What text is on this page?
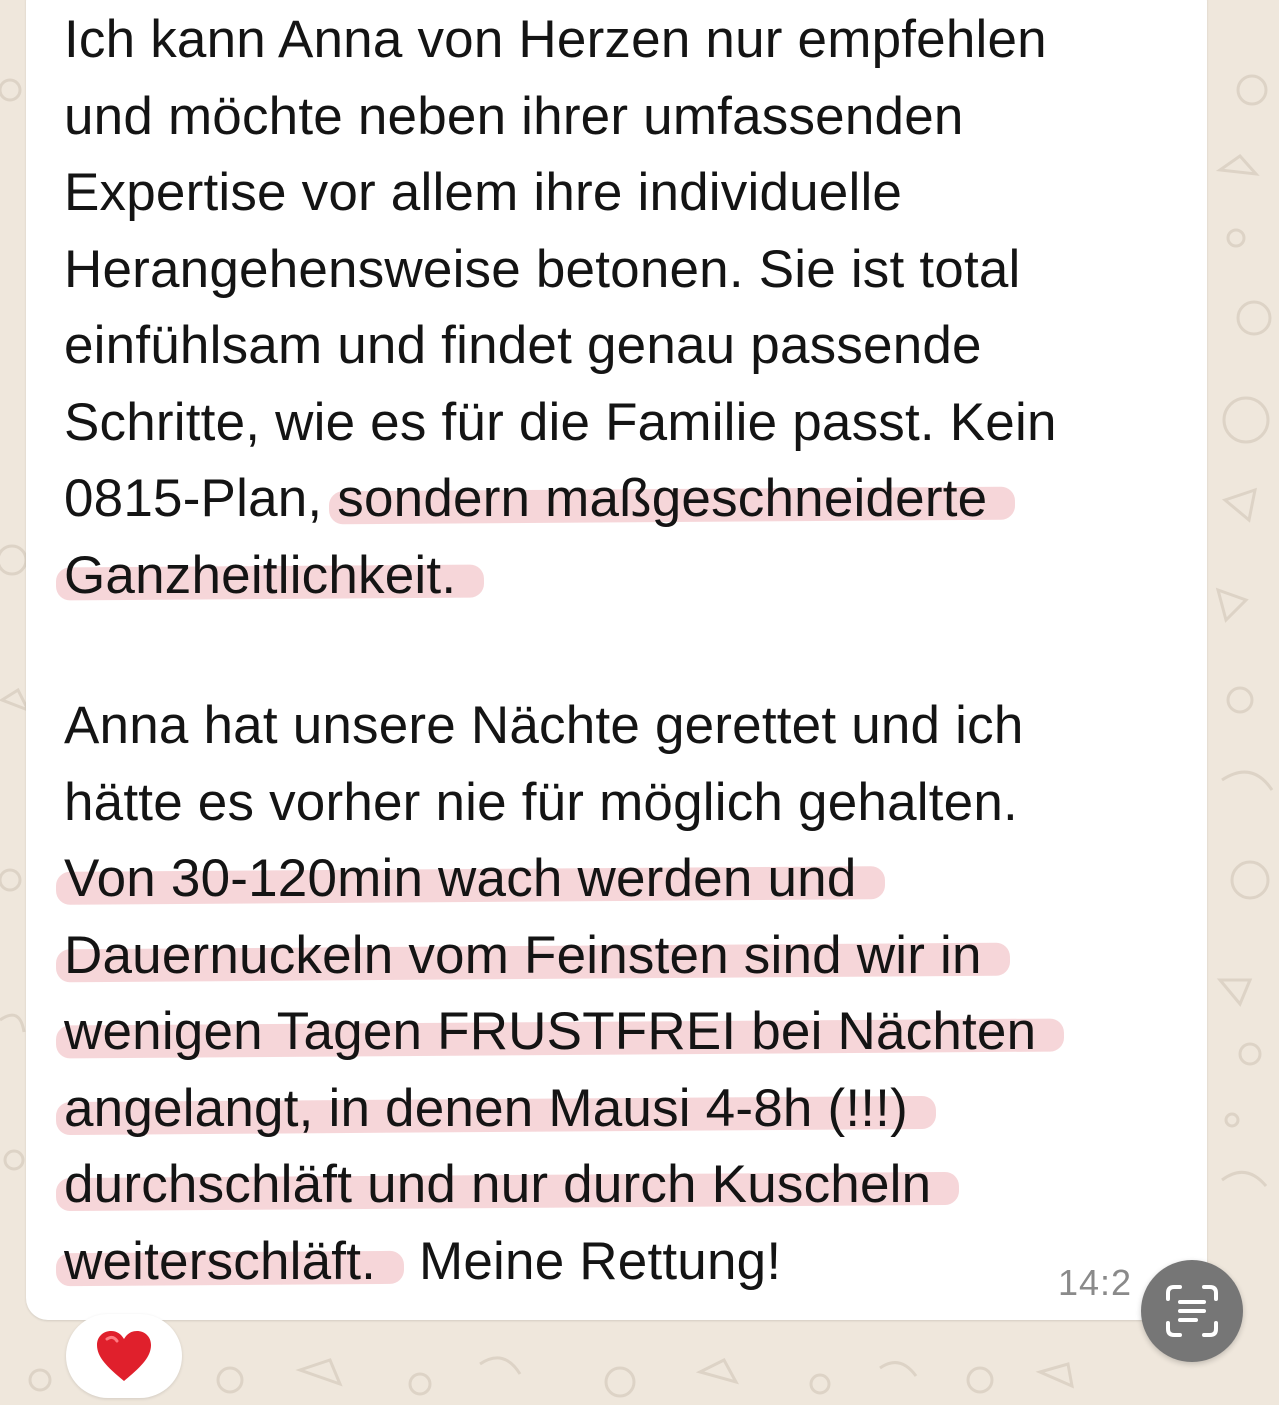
Ich kann Anna von Herzen nur empfehlen
und möchte neben ihrer umfassenden
Expertise vor allem ihre individuelle
Herangehensweise betonen. Sie ist total
einfühlsam und findet genau passende
Schritte, wie es für die Familie passt. Kein
0815-Plan, sondern maßgeschneiderte
Ganzheitlichkeit.
Anna hat unsere Nächte gerettet und ich
hätte es vorher nie für möglich gehalten.
Von 30-120min wach werden und
Dauernuckeln vom Feinsten sind wir in
wenigen Tagen FRUSTFREI bei Nächten
angelangt, in denen Mausi 4-8h (!!!)
durchschläft und nur durch Kuscheln
weiterschläft. Meine Rettung!	14:2
